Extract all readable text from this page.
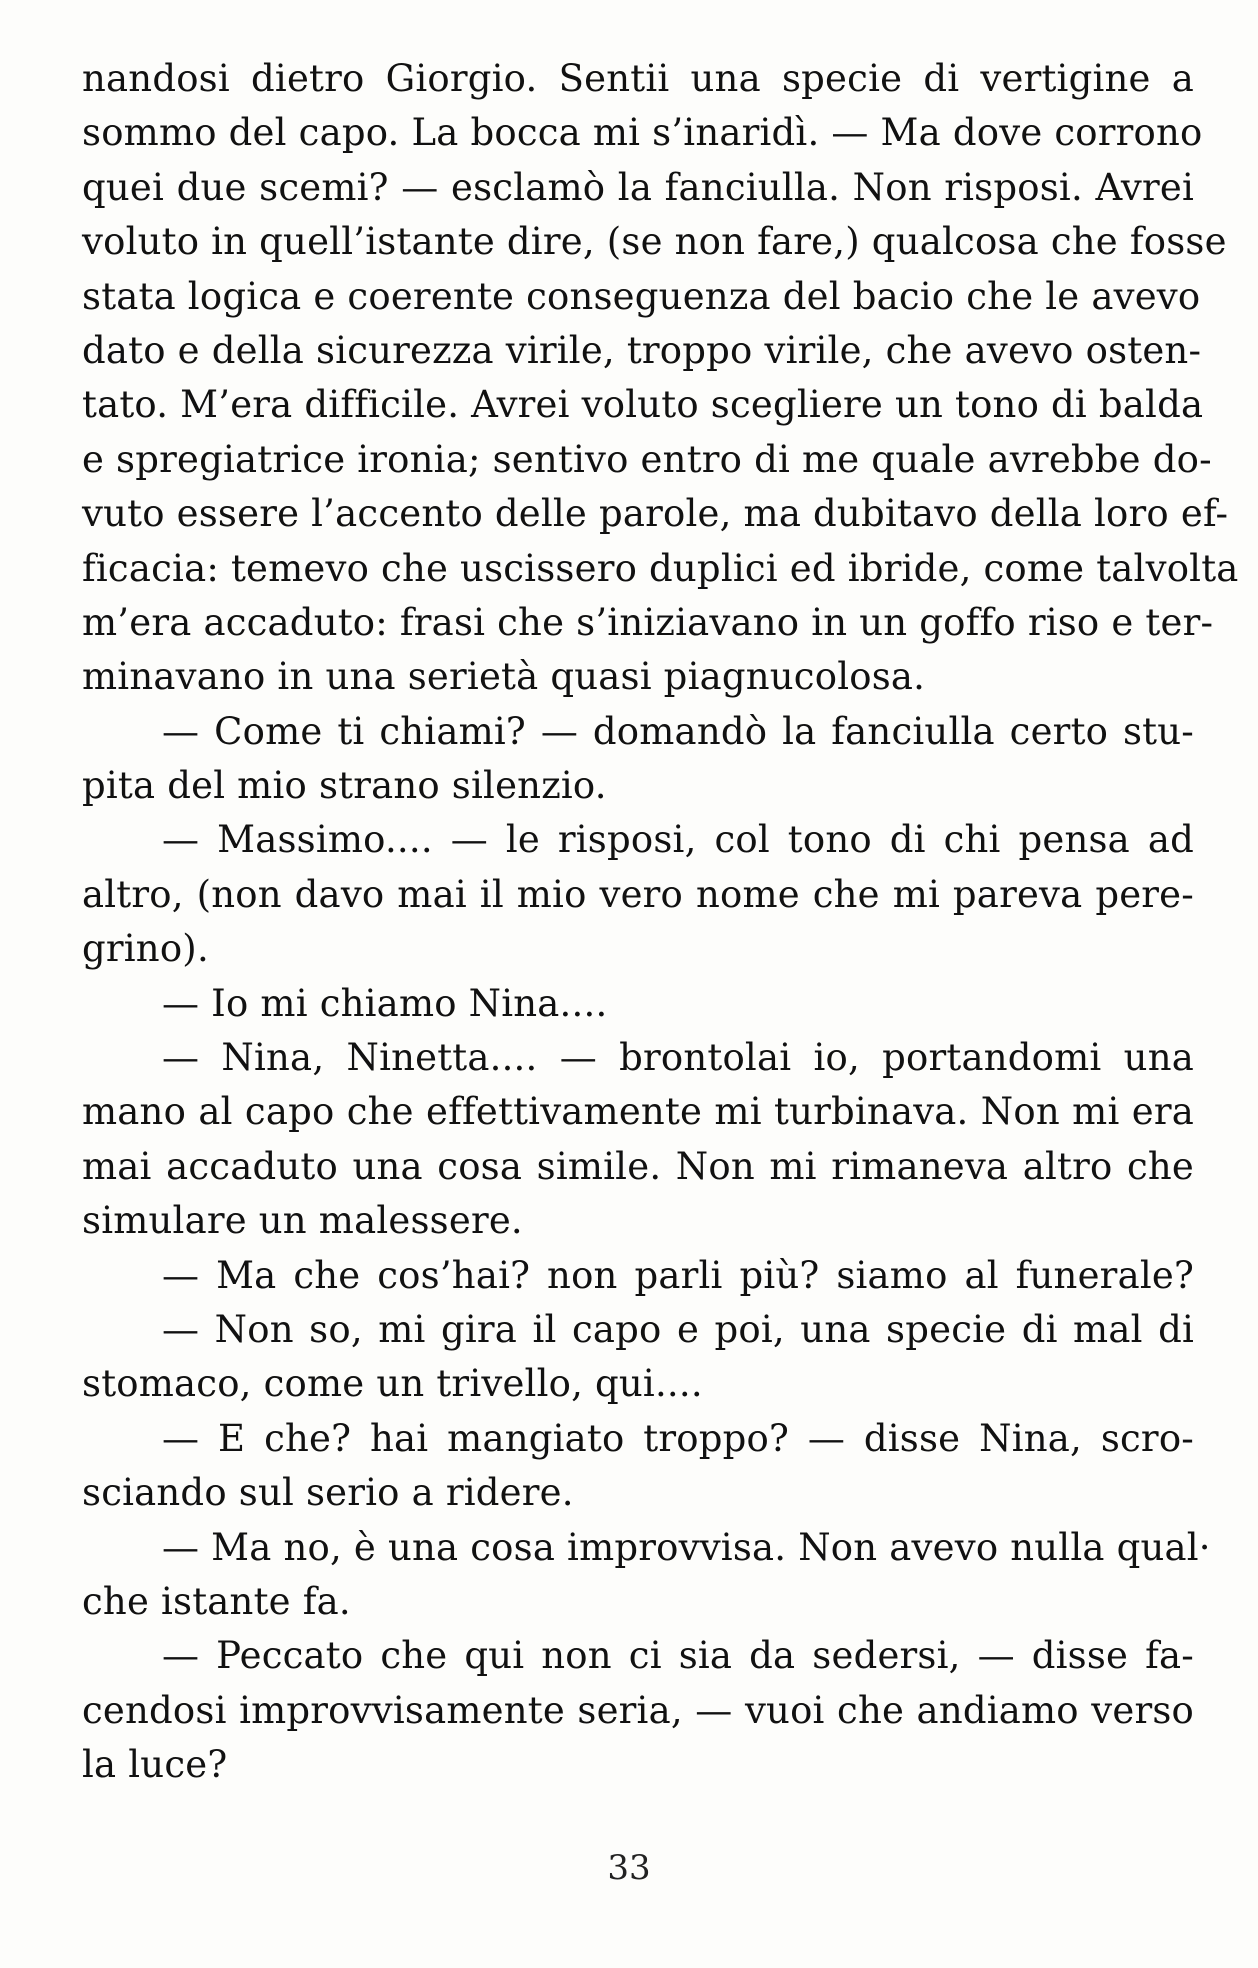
nandosi dietro Giorgio. Sentii una specie di vertigine a
sommo del capo. La bocca mi s’inaridì. — Ma dove corrono
quei due scemi? — esclamò la fanciulla. Non risposi. Avrei
voluto in quell’istante dire, (se non fare,) qualcosa che fosse
stata logica e coerente conseguenza del bacio che le avevo
dato e della sicurezza virile, troppo virile, che avevo osten-
tato. M’era difficile. Avrei voluto scegliere un tono di balda
e spregiatrice ironia; sentivo entro di me quale avrebbe do-
vuto essere l’accento delle parole, ma dubitavo della loro ef-
ficacia: temevo che uscissero duplici ed ibride, come talvolta
m’era accaduto: frasi che s’iniziavano in un goffo riso e ter-
minavano in una serietà quasi piagnucolosa.
— Come ti chiami? — domandò la fanciulla certo stu-
pita del mio strano silenzio.
— Massimo.... — le risposi, col tono di chi pensa ad
altro, (non davo mai il mio vero nome che mi pareva pere-
grino).
— Io mi chiamo Nina....
— Nina, Ninetta.... — brontolai io, portandomi una
mano al capo che effettivamente mi turbinava. Non mi era
mai accaduto una cosa simile. Non mi rimaneva altro che
simulare un malessere.
— Ma che cos’hai? non parli più? siamo al funerale?
— Non so, mi gira il capo e poi, una specie di mal di
stomaco, come un trivello, qui....
— E che? hai mangiato troppo? — disse Nina, scro-
sciando sul serio a ridere.
— Ma no, è una cosa improvvisa. Non avevo nulla qual·
che istante fa.
— Peccato che qui non ci sia da sedersi, — disse fa-
cendosi improvvisamente seria, — vuoi che andiamo verso
la luce?
33
